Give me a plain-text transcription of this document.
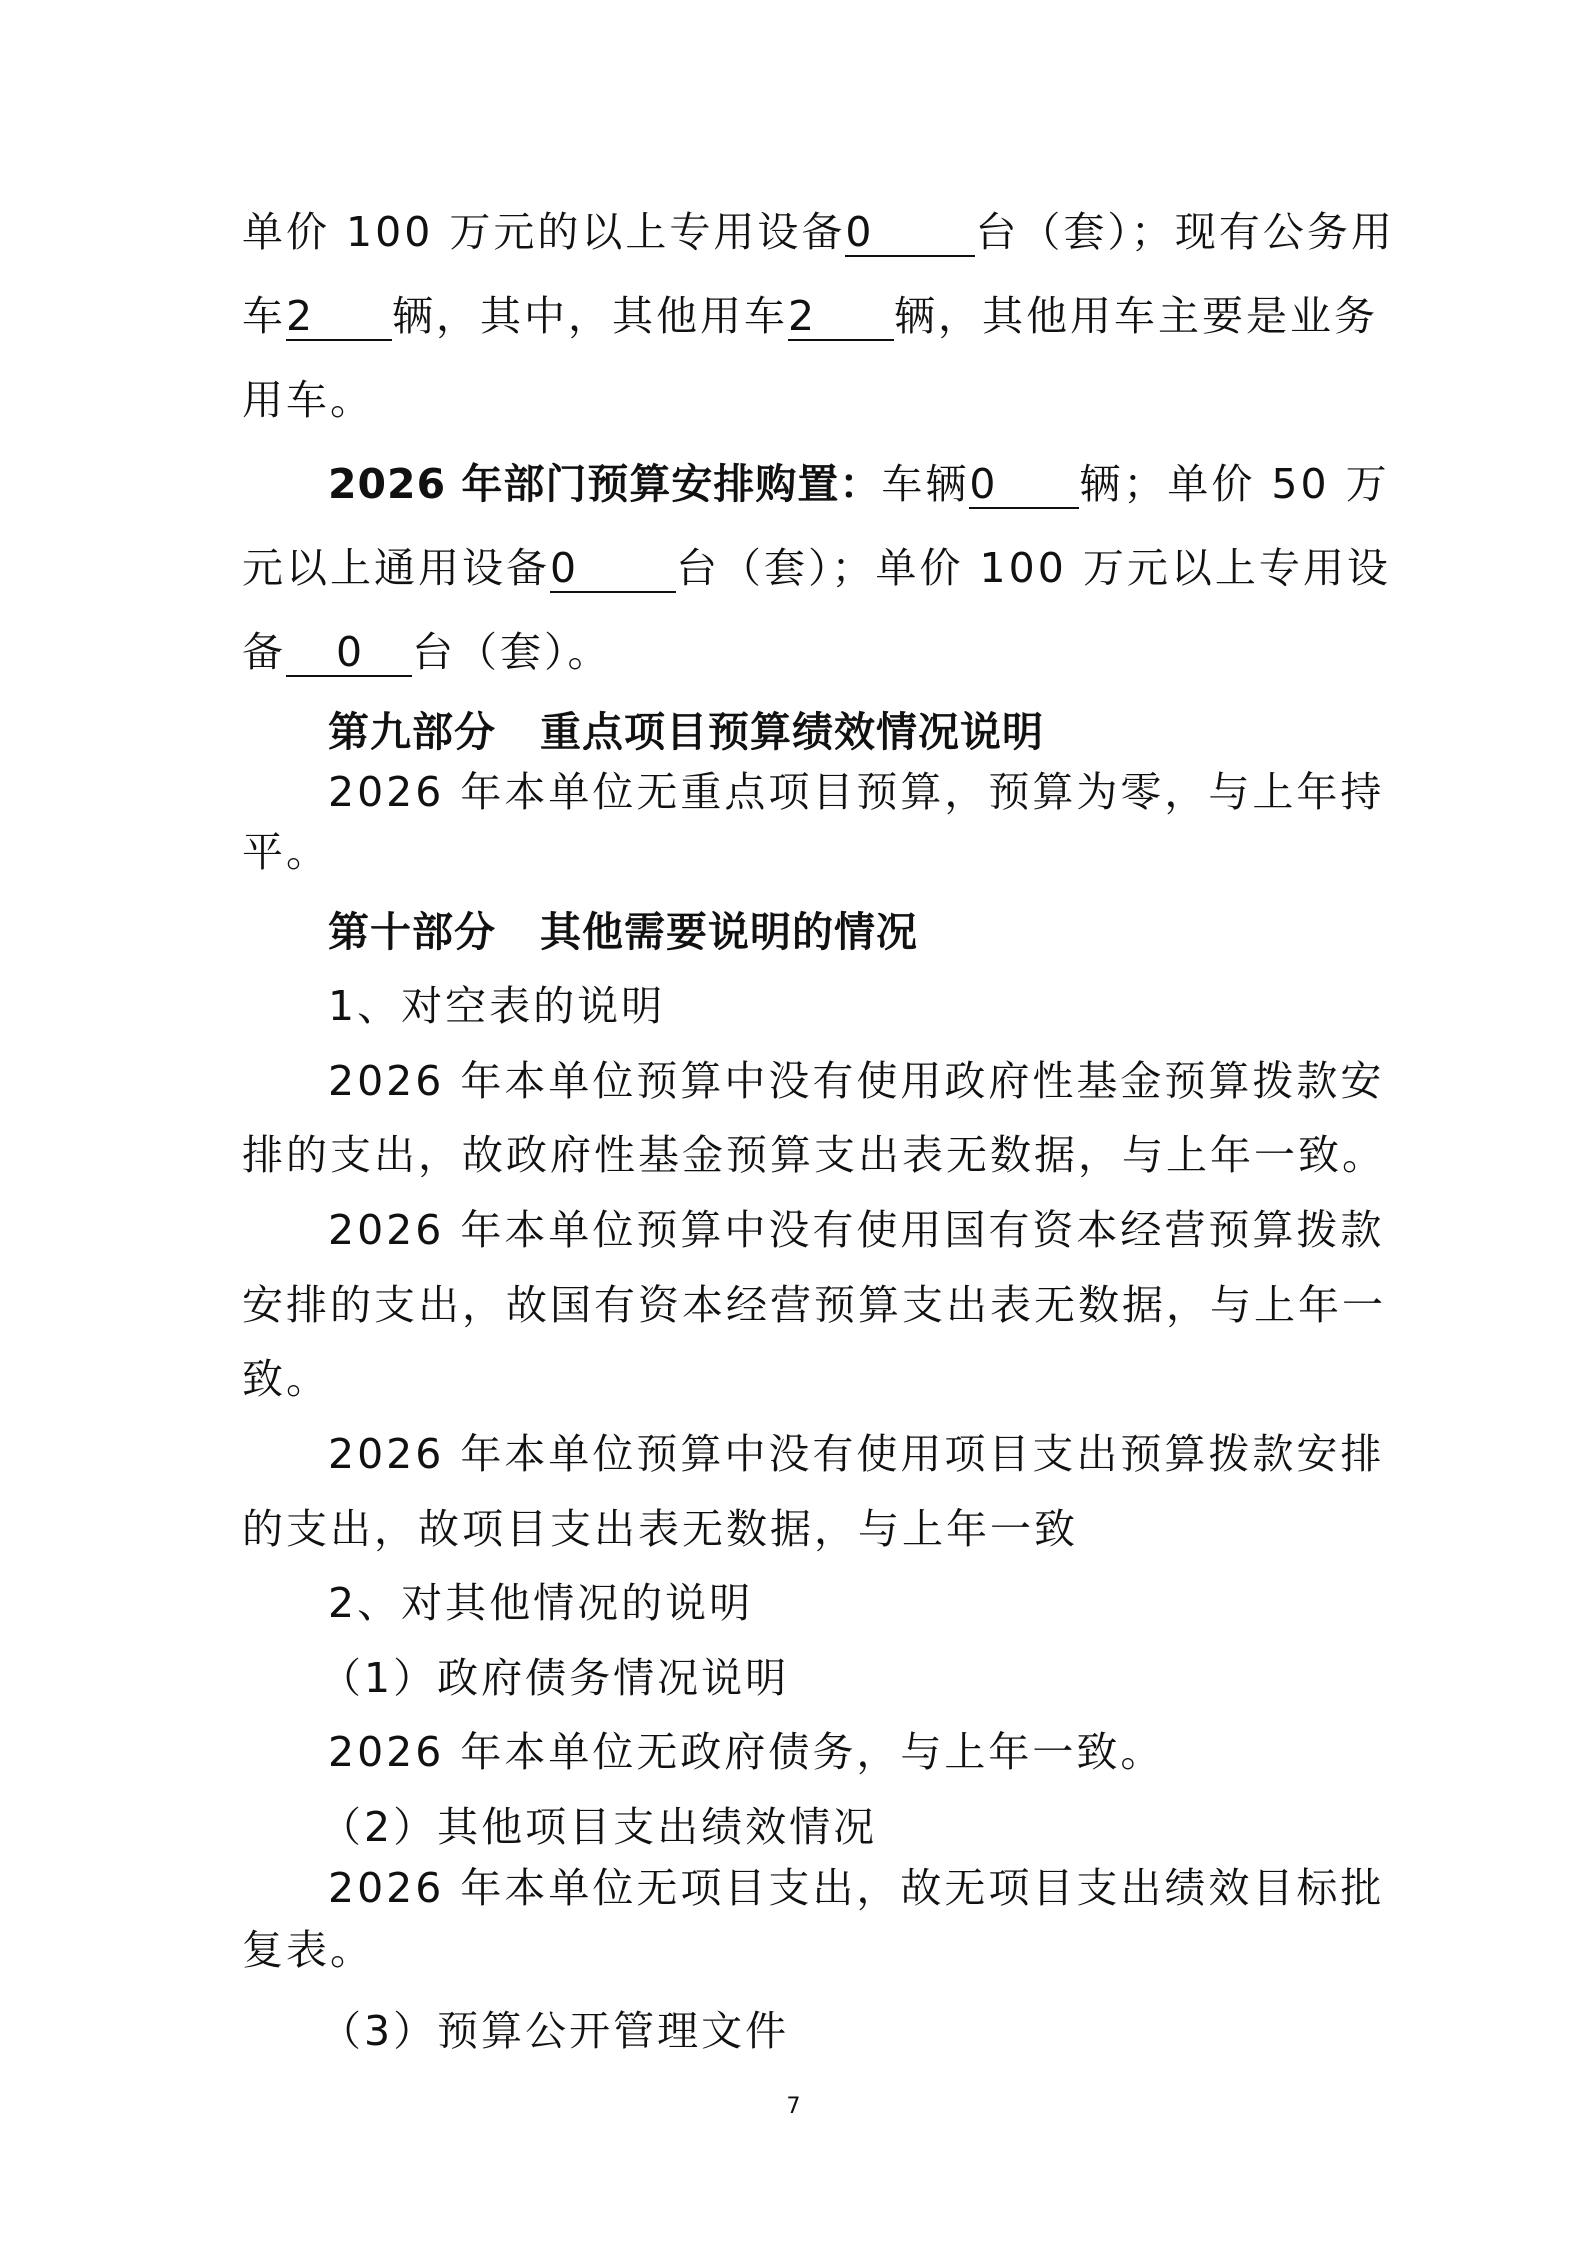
单价 100 万元的以上专用设备0	台（套）；现有公务用
车2 辆，其中，其他用车2 辆，其他用车主要是业务
用车。
2026 年部门预算安排购置：车辆0 辆；单价 50 万
元以上通用设备0 台（套）；单价 100 万元以上专用设
备 0 台（套）。
第九部分 重点项目预算绩效情况说明
2026 年本单位无重点项目预算，预算为零，与上年持
平。
第十部分 其他需要说明的情况
1、对空表的说明
2026 年本单位预算中没有使用政府性基金预算拨款安
排的支出，故政府性基金预算支出表无数据，与上年一致。
2026 年本单位预算中没有使用国有资本经营预算拨款
安排的支出，故国有资本经营预算支出表无数据，与上年一
致。
2026 年本单位预算中没有使用项目支出预算拨款安排
的支出，故项目支出表无数据，与上年一致
2、对其他情况的说明
（1）政府债务情况说明
2026 年本单位无政府债务，与上年一致。
（2）其他项目支出绩效情况
2026 年本单位无项目支出，故无项目支出绩效目标批
复表。
（3）预算公开管理文件
7
